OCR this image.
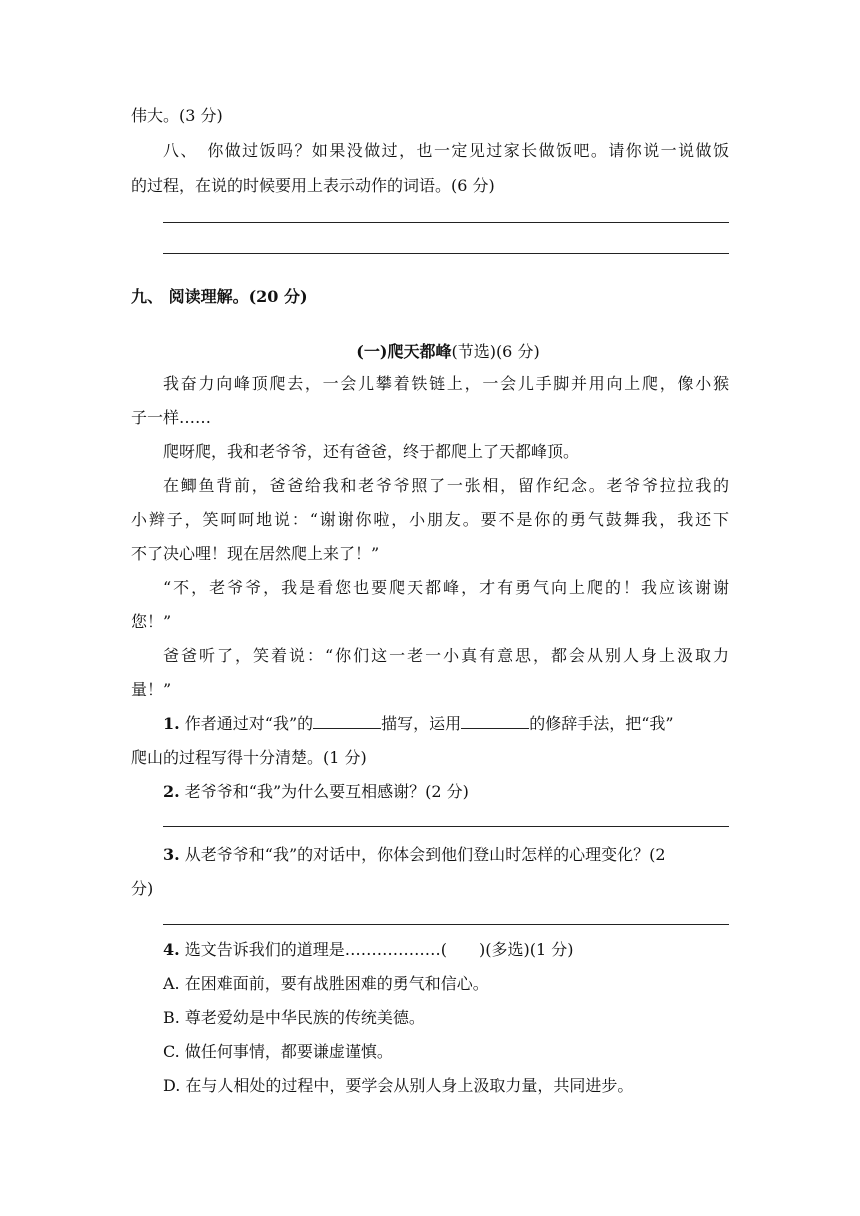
伟大。(3 分)
八、　 你做过饭吗？如果没做过，也一定见过家长做饭吧。请你说一说做饭
的过程，在说的时候要用上表示动作的词语。(6 分)
九、 阅读理解。(20 分)
(一)爬天都峰(节选)(6 分)
我奋力向峰顶爬去，一会儿攀着铁链上，一会儿手脚并用向上爬，像小猴
子一样……
爬呀爬，我和老爷爷，还有爸爸，终于都爬上了天都峰顶。
在鲫鱼背前，爸爸给我和老爷爷照了一张相，留作纪念。老爷爷拉拉我的
小辫子，笑呵呵地说：“谢谢你啦，小朋友。要不是你的勇气鼓舞我，我还下
不了决心哩！现在居然爬上来了！”
“不，老爷爷，我是看您也要爬天都峰，才有勇气向上爬的！我应该谢谢
您！”
爸爸听了，笑着说：“你们这一老一小真有意思，都会从别人身上汲取力
量！”
1. 作者通过对“我”的	描写，运用	的修辞手法，把“我”
爬山的过程写得十分清楚。(1 分)
2. 老爷爷和“我”为什么要互相感谢？(2 分)
3. 从老爷爷和“我”的对话中，你体会到他们登山时怎样的心理变化？(2
分)
4. 选文告诉我们的道理是………………(　　)(多选)(1 分)
A. 在困难面前，要有战胜困难的勇气和信心。
B. 尊老爱幼是中华民族的传统美德。
C. 做任何事情，都要谦虚谨慎。
D. 在与人相处的过程中，要学会从别人身上汲取力量，共同进步。
